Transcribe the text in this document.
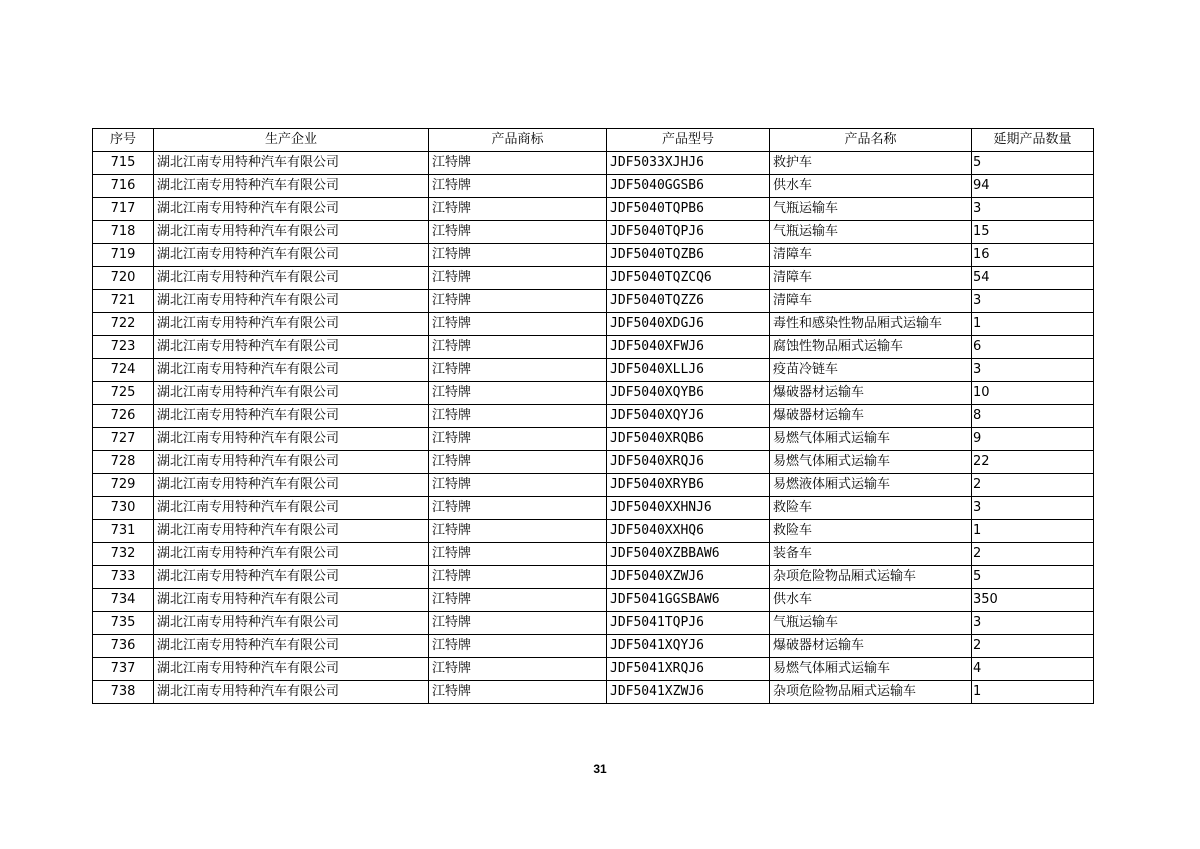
序号	生产企业	产品商标	产品型号	产品名称	延期产品数量
715	湖北江南专用特种汽车有限公司	江特牌	JDF5033XJHJ6	救护车	5
716	湖北江南专用特种汽车有限公司	江特牌	JDF5040GGSB6	供水车	94
717	湖北江南专用特种汽车有限公司	江特牌	JDF5040TQPB6	气瓶运输车	3
718	湖北江南专用特种汽车有限公司	江特牌	JDF5040TQPJ6	气瓶运输车	15
719	湖北江南专用特种汽车有限公司	江特牌	JDF5040TQZB6	清障车	16
720	湖北江南专用特种汽车有限公司	江特牌	JDF5040TQZCQ6	清障车	54
721	湖北江南专用特种汽车有限公司	江特牌	JDF5040TQZZ6	清障车	3
722	湖北江南专用特种汽车有限公司	江特牌	JDF5040XDGJ6	毒性和感染性物品厢式运输车	1
723	湖北江南专用特种汽车有限公司	江特牌	JDF5040XFWJ6	腐蚀性物品厢式运输车	6
724	湖北江南专用特种汽车有限公司	江特牌	JDF5040XLLJ6	疫苗冷链车	3
725	湖北江南专用特种汽车有限公司	江特牌	JDF5040XQYB6	爆破器材运输车	10
726	湖北江南专用特种汽车有限公司	江特牌	JDF5040XQYJ6	爆破器材运输车	8
727	湖北江南专用特种汽车有限公司	江特牌	JDF5040XRQB6	易燃气体厢式运输车	9
728	湖北江南专用特种汽车有限公司	江特牌	JDF5040XRQJ6	易燃气体厢式运输车	22
729	湖北江南专用特种汽车有限公司	江特牌	JDF5040XRYB6	易燃液体厢式运输车	2
730	湖北江南专用特种汽车有限公司	江特牌	JDF5040XXHNJ6	救险车	3
731	湖北江南专用特种汽车有限公司	江特牌	JDF5040XXHQ6	救险车	1
732	湖北江南专用特种汽车有限公司	江特牌	JDF5040XZBBAW6	装备车	2
733	湖北江南专用特种汽车有限公司	江特牌	JDF5040XZWJ6	杂项危险物品厢式运输车	5
734	湖北江南专用特种汽车有限公司	江特牌	JDF5041GGSBAW6	供水车	350
735	湖北江南专用特种汽车有限公司	江特牌	JDF5041TQPJ6	气瓶运输车	3
736	湖北江南专用特种汽车有限公司	江特牌	JDF5041XQYJ6	爆破器材运输车	2
737	湖北江南专用特种汽车有限公司	江特牌	JDF5041XRQJ6	易燃气体厢式运输车	4
738	湖北江南专用特种汽车有限公司	江特牌	JDF5041XZWJ6	杂项危险物品厢式运输车	1
31
